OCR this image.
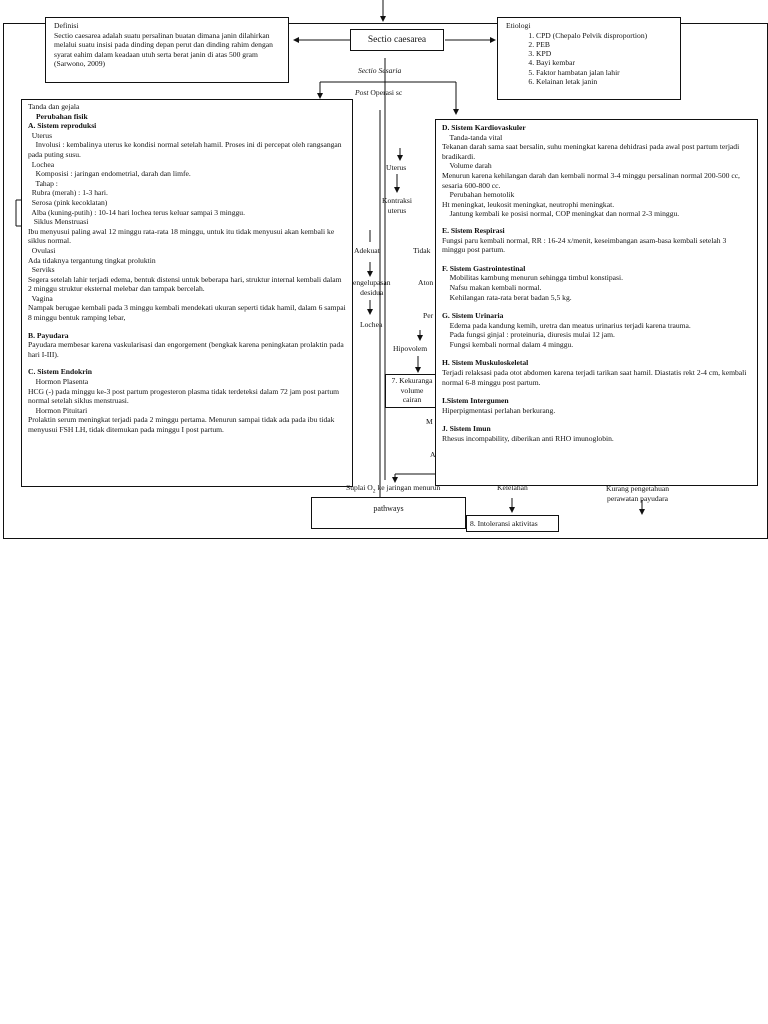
Definisi
Sectio caesarea adalah suatu persalinan buatan dimana janin dilahirkan melalui suatu insisi pada dinding depan perut dan dinding rahim dengan syarat eahim dalam keadaan utuh serta berat janin di atas 500 gram (Sarwono, 2009)
Sectio caesarea
Sectio Sesaria
Post Operasi sc
Etiologi
1. CPD (Chepalo Pelvik disproportion)
2. PEB
3. KPD
4. Bayi kembar
5. Faktor hambatan jalan lahir
6. Kelainan letak janin
Uterus
Kontraksi
uterus
Adekuat	Tidak
engelupasan
desidua
Aton
Lochea
Per
Hipovolem
7. Kekuranga
volume
cairan
M
A
Tanda dan gejala
Perubahan fisik
A. Sistem reproduksi
Uterus
Involusi : kembalinya uterus ke kondisi normal setelah hamil. Proses ini di percepat oleh rangsangan pada puting susu.
Lochea
Komposisi : jaringan endometrial, darah dan limfe.
Tahap :
Rubra (merah) : 1-3 hari.
Serosa (pink kecoklatan)
Alba (kuning-putih) : 10-14 hari lochea terus keluar sampai 3 minggu.
Siklus Menstruasi
Ibu menyusui paling awal 12 minggu rata-rata 18 minggu, untuk itu tidak menyusui akan kembali ke siklus normal.
Ovulasi
Ada tidaknya tergantung tingkat proluktin
Serviks
Segera setelah lahir terjadi edema, bentuk distensi untuk beberapa hari, struktur internal kembali dalam 2 minggu struktur eksternal melebar dan tampak bercelah.
Vagina
Nampak berugae kembali pada 3 minggu kembali mendekati ukuran seperti tidak hamil, dalam 6 sampai 8 minggu bentuk ramping lebar,
B. Payudara
Payudara membesar karena vaskularisasi dan engorgement (bengkak karena peningkatan prolaktin pada hari I-III).
C. Sistem Endokrin
Hormon Plasenta
HCG (-) pada minggu ke-3 post partum progesteron plasma tidak terdeteksi dalam 72 jam post partum normal setelah siklus menstruasi.
Hormon Pituitari
Prolaktin serum meningkat terjadi pada 2 minggu pertama. Menurun sampai tidak ada pada ibu tidak menyusui FSH LH, tidak ditemukan pada minggu I post partum.
D. Sistem Kardiovaskuler
Tanda-tanda vital
Tekanan darah sama saat bersalin, suhu meningkat karena dehidrasi pada awal post partum terjadi bradikardi.
Volume darah
Menurun karena kehilangan darah dan kembali normal 3-4 minggu persalinan normal 200-500 cc, sesaria 600-800 cc.
Perubahan hemotolik
Ht meningkat, leukosit meningkat, neutrophi meningkat.
Jantung kembali ke posisi normal, COP meningkat dan normal 2-3 minggu.
E. Sistem Respirasi
Fungsi paru kembali normal, RR : 16-24 x/menit, keseimbangan asam-basa kembali setelah 3 minggu post partum.
F. Sistem Gastrointestinal
Mobilitas kambung menurun sehingga timbul konstipasi.
Nafsu makan kembali normal.
Kehilangan rata-rata berat badan 5,5 kg.
G. Sistem Urinaria
Edema pada kandung kemih, uretra dan meatus urinarius terjadi karena trauma.
Pada fungsi ginjal : proteinuria, diuresis mulai 12 jam.
Fungsi kembali normal dalam 4 minggu.
H. Sistem Muskuloskeletal
Terjadi relaksasi pada otot abdomen karena terjadi tarikan saat hamil. Diastatis rekt 2-4 cm, kembali normal 6-8 minggu post partum.
I.Sistem Intergumen
Hiperpigmentasi perlahan berkurang.
J. Sistem Imun
Rhesus incompability, diberikan anti RHO imunoglobin.
Suplai $O_2$ ke jaringan menurun	Kelelahan	Kurang pengetahuan
perawatan payudara
pathways
8. Intoleransi aktivitas
